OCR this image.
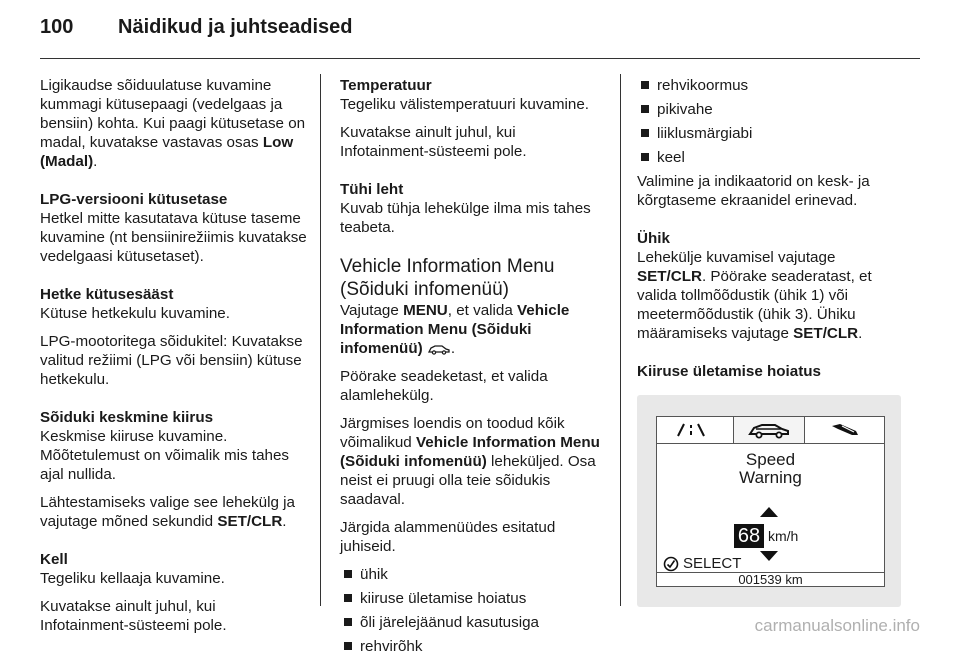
100 Näidikud ja juhtseadised

Ligikaudse sõiduulatuse kuvamine kummagi kütusepaagi (vedelgaas ja bensiin) kohta. Kui paagi kütusetase on madal, kuvatakse vastavas osas Low (Madal).

LPG-versiooni kütusetase

Hetkel mitte kasutatava kütuse taseme kuvamine (nt bensiinirežiimis kuvatakse vedelgaasi kütusetaset).

Hetke kütusesääst

Kütuse hetkekulu kuvamine.

LPG-mootoritega sõidukitel: Kuvatakse valitud režiimi (LPG või bensiin) kütuse hetkekulu.

Sõiduki keskmine kiirus

Keskmise kiiruse kuvamine. Mõõtetulemust on võimalik mis tahes ajal nullida.

Lähtestamiseks valige see lehekülg ja vajutage mõned sekundid SET/CLR.

Kell

Tegeliku kellaaja kuvamine.

Kuvatakse ainult juhul, kui Infotainment-süsteemi pole.

Temperatuur

Tegeliku välistemperatuuri kuvamine.

Kuvatakse ainult juhul, kui Infotainment-süsteemi pole.

Tühi leht

Kuvab tühja lehekülge ilma mis tahes teabeta.

Vehicle Information Menu (Sõiduki infomenüü)

Vajutage MENU, et valida Vehicle Information Menu (Sõiduki infomenüü) .

Pöörake seadeketast, et valida alamlehekülg.

Järgmises loendis on toodud kõik võimalikud Vehicle Information Menu (Sõiduki infomenüü) leheküljed. Osa neist ei pruugi olla teie sõidukis saadaval.

Järgida alammenüüdes esitatud juhiseid.

ühik
kiiruse ületamise hoiatus
õli järelejäänud kasutusiga
rehvirõhk
rehvikoormus
pikivahe
liiklusmärgiabi
keel

Valimine ja indikaatorid on kesk- ja kõrgtaseme ekraanidel erinevad.

Ühik

Lehekülje kuvamisel vajutage SET/CLR. Pöörake seaderatast, et valida tollmõõdustik (ühik 1) või meetermõõdustik (ühik 3). Ühiku määramiseks vajutage SET/CLR.

Kiiruse ületamise hoiatus
Speed
Warning
68 km/h
SELECT
001539 km
carmanualsonline.info
